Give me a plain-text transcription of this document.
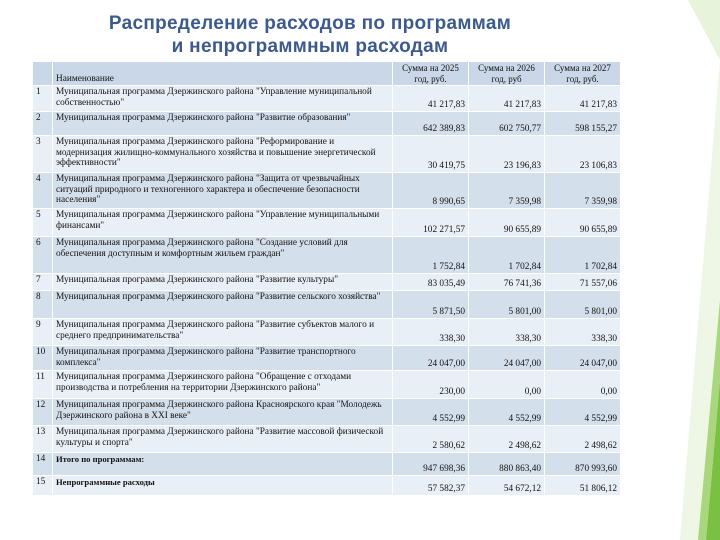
Распределение расходов по программам
и непрограммным расходам
	Наименование	Сумма на 2025 год, руб.	Сумма на 2026 год, руб	Сумма на 2027 год, руб.
1	Муниципальная программа Дзержинского района "Управление муниципальной собственностью"	41 217,83	41 217,83	41 217,83
2	Муниципальная программа Дзержинского района "Развитие образования"	642 389,83	602 750,77	598 155,27
3	Муниципальная программа Дзержинского района "Реформирование и модернизация жилищно-коммунального хозяйства и повышение энергетической эффективности"	30 419,75	23 196,83	23 106,83
4	Муниципальная программа Дзержинского района "Защита от чрезвычайных ситуаций природного и техногенного характера и обеспечение безопасности населения"	8 990,65	7 359,98	7 359,98
5	Муниципальная программа Дзержинского района "Управление муниципальными финансами"	102 271,57	90 655,89	90 655,89
6	Муниципальная программа Дзержинского района "Создание условий для обеспечения доступным и комфортным жильем граждан"	1 752,84	1 702,84	1 702,84
7	Муниципальная программа Дзержинского района "Развитие культуры"	83 035,49	76 741,36	71 557,06
8	Муниципальная программа Дзержинского района "Развитие сельского хозяйства"	5 871,50	5 801,00	5 801,00
9	Муниципальная программа Дзержинского района "Развитие субъектов малого и среднего предпринимательства"	338,30	338,30	338,30
10	Муниципальная программа Дзержинского района "Развитие транспортного комплекса"	24 047,00	24 047,00	24 047,00
11	Муниципальная программа Дзержинского района "Обращение с отходами производства и потребления на территории Дзержинского района"	230,00	0,00	0,00
12	Муниципальная программа Дзержинского района Красноярского края "Молодежь Дзержинского района в XXI веке"	4 552,99	4 552,99	4 552,99
13	Муниципальная программа Дзержинского района "Развитие массовой физической культуры и спорта"	2 580,62	2 498,62	2 498,62
14	Итого по программам:	947 698,36	880 863,40	870 993,60
15	Непрограммные расходы	57 582,37	54 672,12	51 806,12
